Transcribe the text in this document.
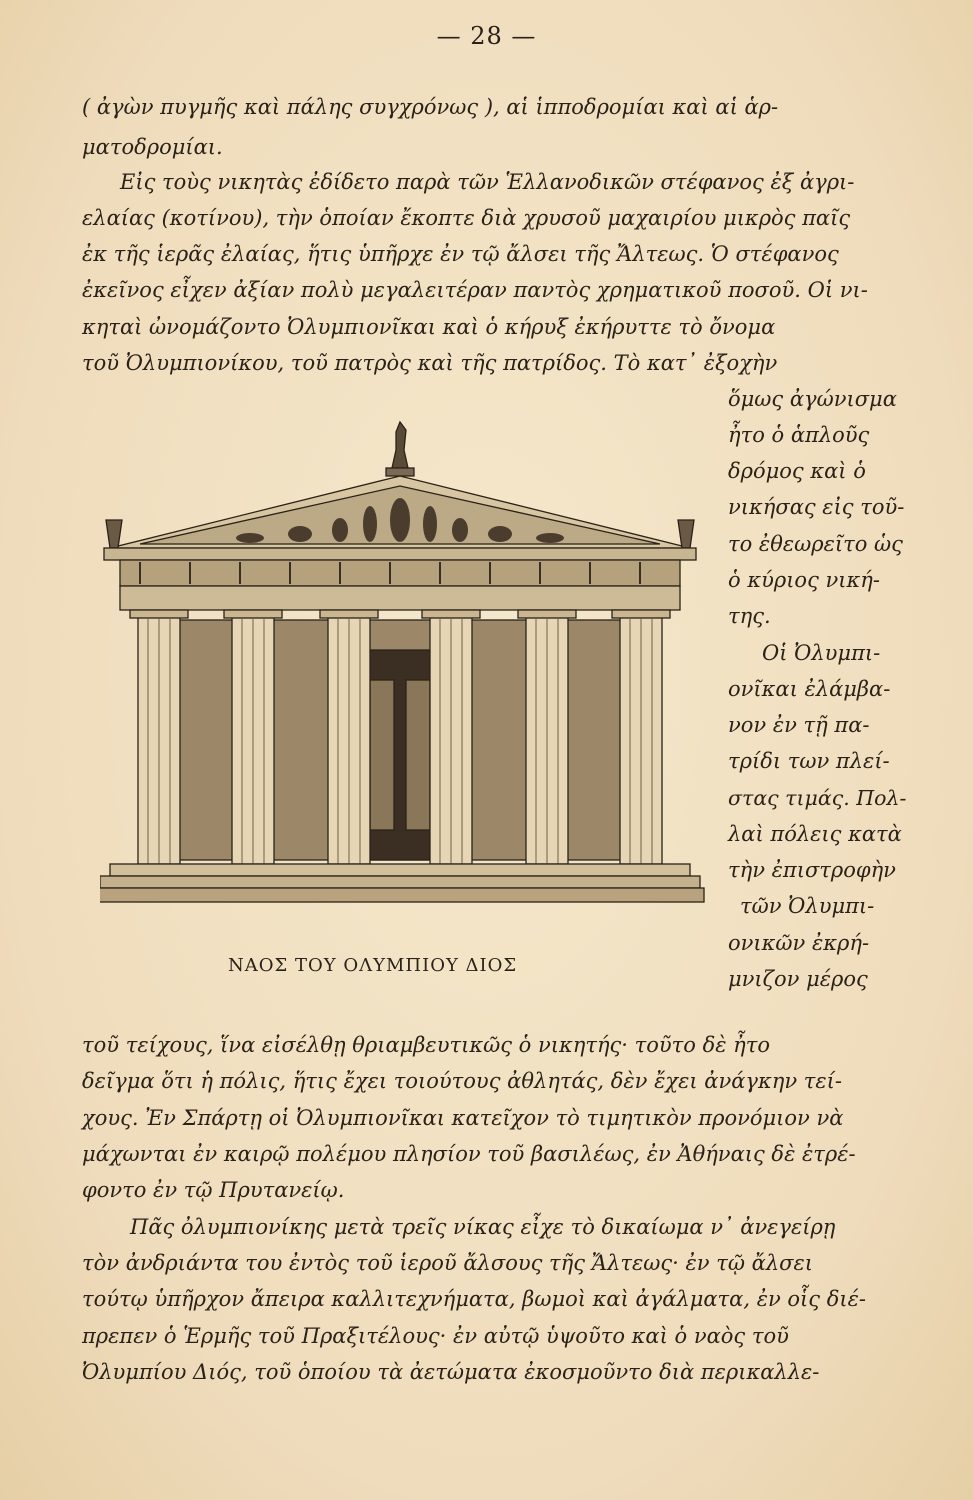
— 28 —
( ἀγὼν πυγμῆς καὶ πάλης συγχρόνως ), αἱ ἱπποδρομίαι καὶ αἱ ἁρ-
ματοδρομίαι.
Εἰς τοὺς νικητὰς ἐδίδετο παρὰ τῶν Ἑλλανοδικῶν στέφανος ἐξ ἀγρι-
ελαίας (κοτίνου), τὴν ὁποίαν ἔκοπτε διὰ χρυσοῦ μαχαιρίου μικρὸς παῖς
ἐκ τῆς ἱερᾶς ἐλαίας, ἥτις ὑπῆρχε ἐν τῷ ἄλσει τῆς Ἄλτεως. Ὁ στέφανος
ἐκεῖνος εἶχεν ἀξίαν πολὺ μεγαλειτέραν παντὸς χρηματικοῦ ποσοῦ. Οἱ νι-
κηταὶ ὠνομάζοντο Ὀλυμπιονῖκαι καὶ ὁ κήρυξ ἐκήρυττε τὸ ὄνομα
τοῦ Ὀλυμπιονίκου, τοῦ πατρὸς καὶ τῆς πατρίδος. Τὸ κατ᾿ ἐξοχὴν
ὅμως ἀγώνισμα
ἦτο ὁ ἁπλοῦς
δρόμος καὶ ὁ
νικήσας εἰς τοῦ-
το ἐθεωρεῖτο ὡς
ὁ κύριος νική-
της.
Οἱ Ὀλυμπι-
ονῖκαι ἐλάμβα-
νον ἐν τῇ πα-
τρίδι των πλεί-
στας τιμάς. Πολ-
λαὶ πόλεις κατὰ
τὴν ἐπιστροφὴν
τῶν Ὀλυμπι-
ονικῶν ἐκρή-
μνιζον μέρος
ΝΑΟΣ ΤΟΥ ΟΛΥΜΠΙΟΥ ΔΙΟΣ
τοῦ τείχους, ἵνα εἰσέλθῃ θριαμβευτικῶς ὁ νικητής· τοῦτο δὲ ἦτο
δεῖγμα ὅτι ἡ πόλις, ἥτις ἔχει τοιούτους ἀθλητάς, δὲν ἔχει ἀνάγκην τεί-
χους. Ἐν Σπάρτῃ οἱ Ὀλυμπιονῖκαι κατεῖχον τὸ τιμητικὸν προνόμιον νὰ
μάχωνται ἐν καιρῷ πολέμου πλησίον τοῦ βασιλέως, ἐν Ἀθήναις δὲ ἐτρέ-
φοντο ἐν τῷ Πρυτανείῳ.
Πᾶς ὀλυμπιονίκης μετὰ τρεῖς νίκας εἶχε τὸ δικαίωμα ν᾿ ἀνεγείρῃ
τὸν ἀνδριάντα του ἐντὸς τοῦ ἱεροῦ ἄλσους τῆς Ἄλτεως· ἐν τῷ ἄλσει
τούτῳ ὑπῆρχον ἄπειρα καλλιτεχνήματα, βωμοὶ καὶ ἀγάλματα, ἐν οἷς διέ-
πρεπεν ὁ Ἑρμῆς τοῦ Πραξιτέλους· ἐν αὐτῷ ὑψοῦτο καὶ ὁ ναὸς τοῦ
Ὀλυμπίου Διός, τοῦ ὁποίου τὰ ἀετώματα ἐκοσμοῦντο διὰ περικαλλε-
